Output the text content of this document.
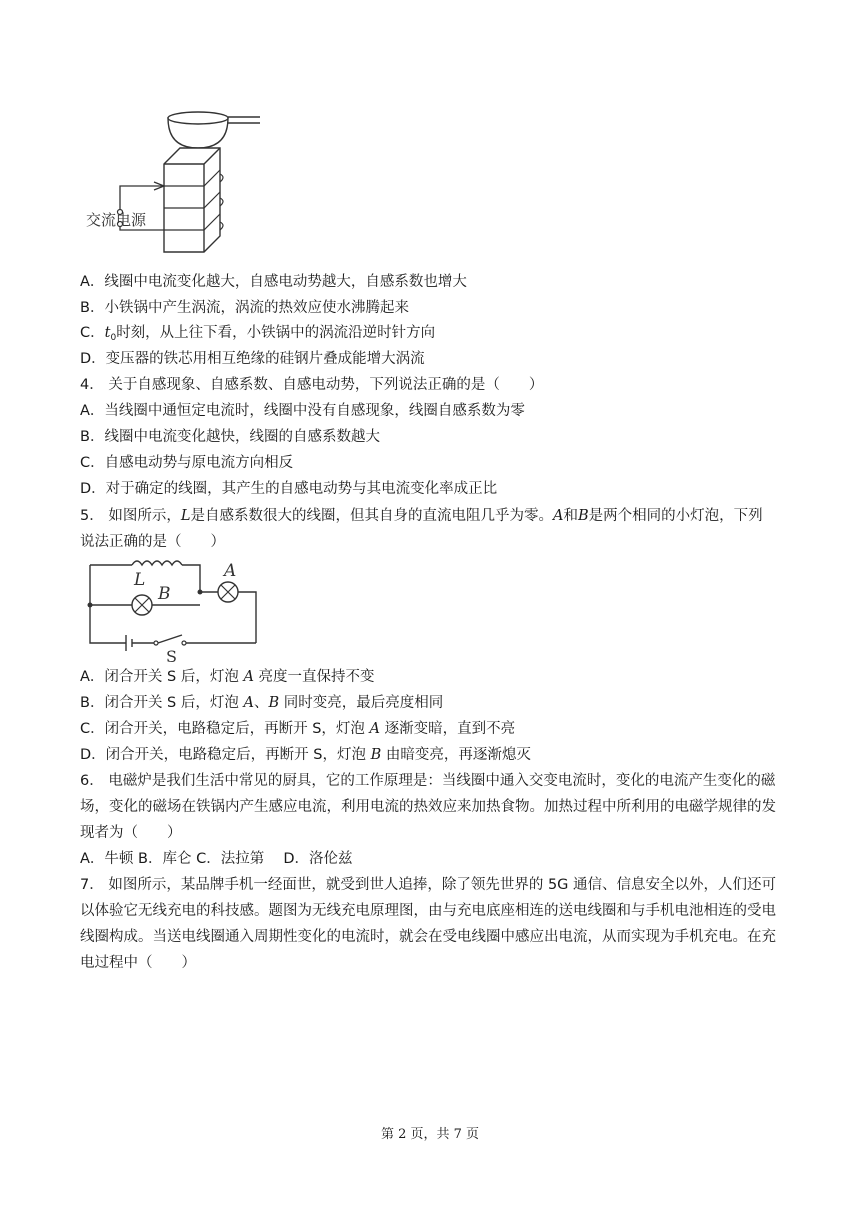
交流电源
A．线圈中电流变化越大，自感电动势越大，自感系数也增大
B．小铁锅中产生涡流，涡流的热效应使水沸腾起来
C．$t_0$时刻，从上往下看，小铁锅中的涡流沿逆时针方向
D．变压器的铁芯用相互绝缘的硅钢片叠成能增大涡流
4． 关于自感现象、自感系数、自感电动势，下列说法正确的是（　　）
A．当线圈中通恒定电流时，线圈中没有自感现象，线圈自感系数为零
B．线圈中电流变化越快，线圈的自感系数越大
C．自感电动势与原电流方向相反
D．对于确定的线圈，其产生的自感电动势与其电流变化率成正比
5． 如图所示，L是自感系数很大的线圈，但其自身的直流电阻几乎为零。A和B是两个相同的小灯泡，下列
说法正确的是（　　）
L
B
A
S
A．闭合开关 S 后，灯泡 A 亮度一直保持不变
B．闭合开关 S 后，灯泡 A、B 同时变亮，最后亮度相同
C．闭合开关，电路稳定后，再断开 S，灯泡 A 逐渐变暗，直到不亮
D．闭合开关，电路稳定后，再断开 S，灯泡 B 由暗变亮，再逐渐熄灭
6． 电磁炉是我们生活中常见的厨具，它的工作原理是：当线圈中通入交变电流时，变化的电流产生变化的磁
场，变化的磁场在铁锅内产生感应电流，利用电流的热效应来加热食物。加热过程中所利用的电磁学规律的发
现者为（　　）
A．牛顿 B．库仑 C．法拉第　 D．洛伦兹
7． 如图所示，某品牌手机一经面世，就受到世人追捧，除了领先世界的 5G 通信、信息安全以外，人们还可
以体验它无线充电的科技感。题图为无线充电原理图，由与充电底座相连的送电线圈和与手机电池相连的受电
线圈构成。当送电线圈通入周期性变化的电流时，就会在受电线圈中感应出电流，从而实现为手机充电。在充
电过程中（　　）
第 2 页，共 7 页
